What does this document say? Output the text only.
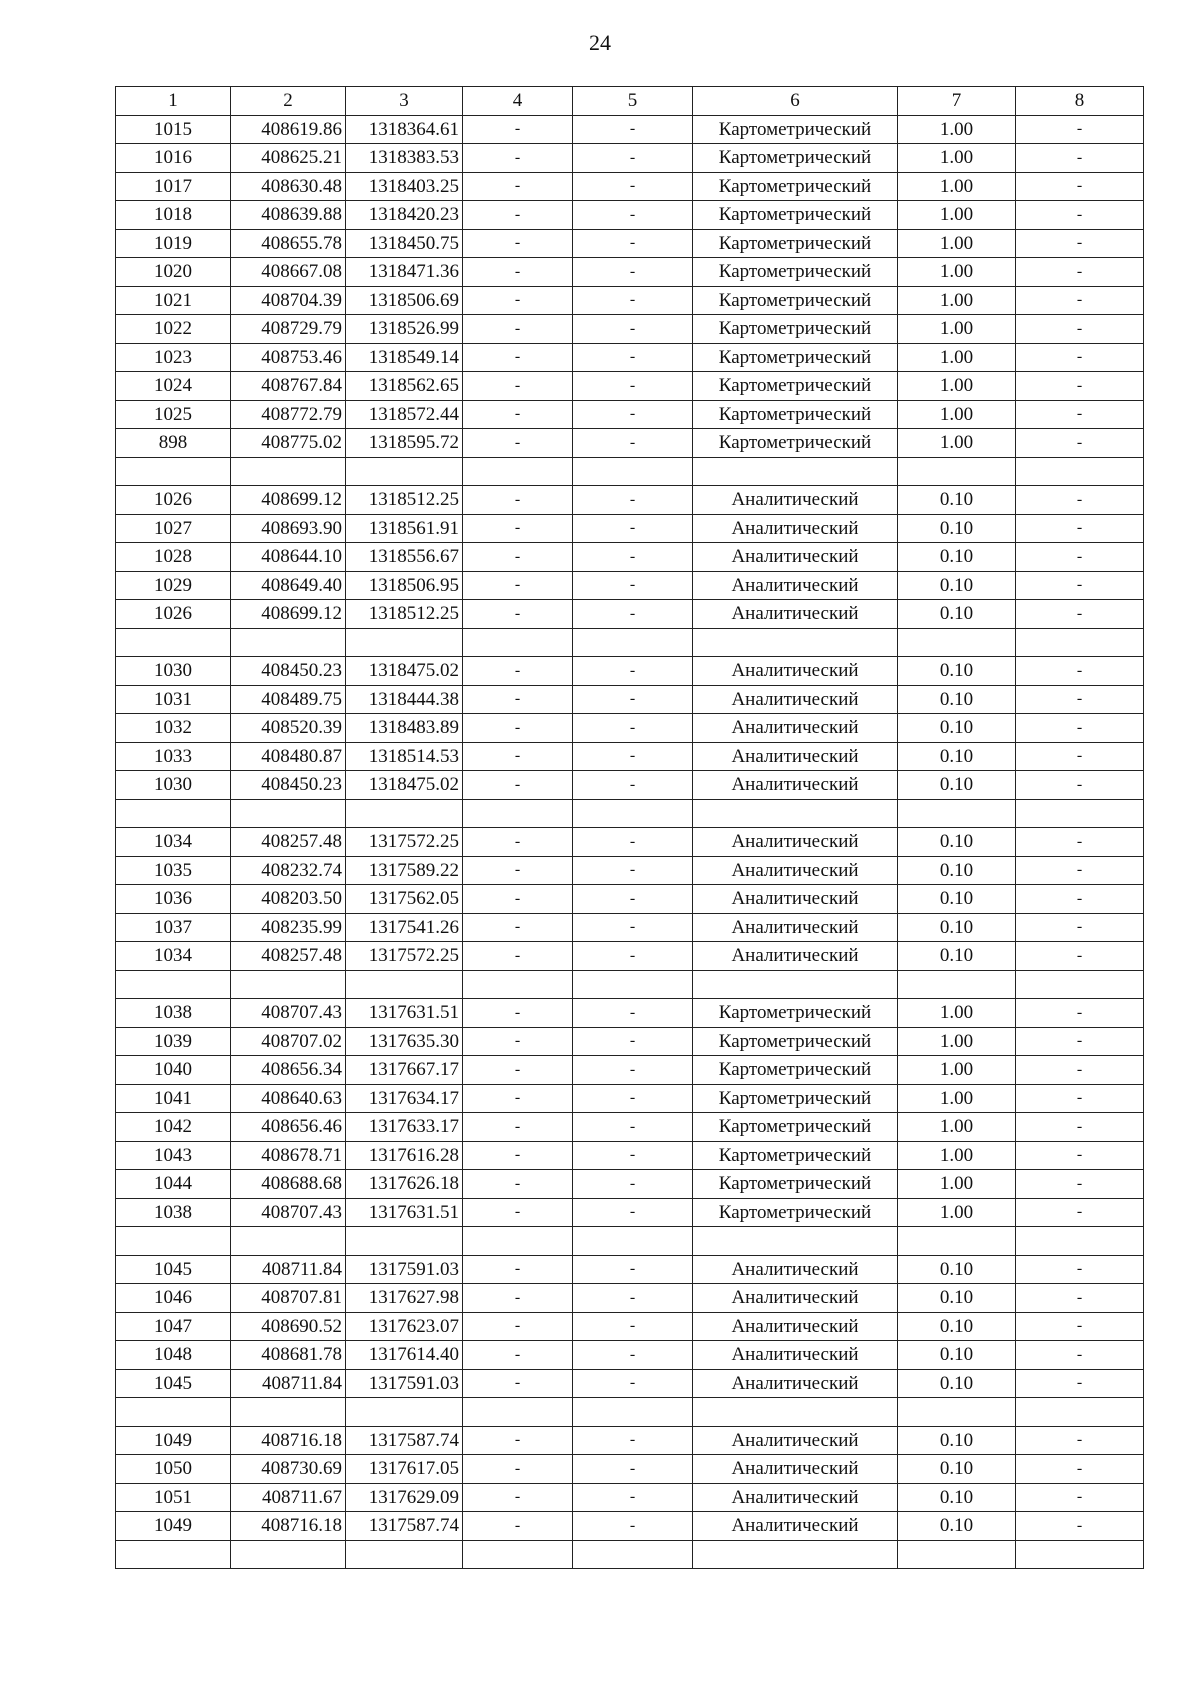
24
1	2	3	4	5	6	7	8
1015	408619.86	1318364.61	-	-	Картометрический	1.00	-
1016	408625.21	1318383.53	-	-	Картометрический	1.00	-
1017	408630.48	1318403.25	-	-	Картометрический	1.00	-
1018	408639.88	1318420.23	-	-	Картометрический	1.00	-
1019	408655.78	1318450.75	-	-	Картометрический	1.00	-
1020	408667.08	1318471.36	-	-	Картометрический	1.00	-
1021	408704.39	1318506.69	-	-	Картометрический	1.00	-
1022	408729.79	1318526.99	-	-	Картометрический	1.00	-
1023	408753.46	1318549.14	-	-	Картометрический	1.00	-
1024	408767.84	1318562.65	-	-	Картометрический	1.00	-
1025	408772.79	1318572.44	-	-	Картометрический	1.00	-
898	408775.02	1318595.72	-	-	Картометрический	1.00	-

1026	408699.12	1318512.25	-	-	Аналитический	0.10	-
1027	408693.90	1318561.91	-	-	Аналитический	0.10	-
1028	408644.10	1318556.67	-	-	Аналитический	0.10	-
1029	408649.40	1318506.95	-	-	Аналитический	0.10	-
1026	408699.12	1318512.25	-	-	Аналитический	0.10	-

1030	408450.23	1318475.02	-	-	Аналитический	0.10	-
1031	408489.75	1318444.38	-	-	Аналитический	0.10	-
1032	408520.39	1318483.89	-	-	Аналитический	0.10	-
1033	408480.87	1318514.53	-	-	Аналитический	0.10	-
1030	408450.23	1318475.02	-	-	Аналитический	0.10	-

1034	408257.48	1317572.25	-	-	Аналитический	0.10	-
1035	408232.74	1317589.22	-	-	Аналитический	0.10	-
1036	408203.50	1317562.05	-	-	Аналитический	0.10	-
1037	408235.99	1317541.26	-	-	Аналитический	0.10	-
1034	408257.48	1317572.25	-	-	Аналитический	0.10	-

1038	408707.43	1317631.51	-	-	Картометрический	1.00	-
1039	408707.02	1317635.30	-	-	Картометрический	1.00	-
1040	408656.34	1317667.17	-	-	Картометрический	1.00	-
1041	408640.63	1317634.17	-	-	Картометрический	1.00	-
1042	408656.46	1317633.17	-	-	Картометрический	1.00	-
1043	408678.71	1317616.28	-	-	Картометрический	1.00	-
1044	408688.68	1317626.18	-	-	Картометрический	1.00	-
1038	408707.43	1317631.51	-	-	Картометрический	1.00	-

1045	408711.84	1317591.03	-	-	Аналитический	0.10	-
1046	408707.81	1317627.98	-	-	Аналитический	0.10	-
1047	408690.52	1317623.07	-	-	Аналитический	0.10	-
1048	408681.78	1317614.40	-	-	Аналитический	0.10	-
1045	408711.84	1317591.03	-	-	Аналитический	0.10	-

1049	408716.18	1317587.74	-	-	Аналитический	0.10	-
1050	408730.69	1317617.05	-	-	Аналитический	0.10	-
1051	408711.67	1317629.09	-	-	Аналитический	0.10	-
1049	408716.18	1317587.74	-	-	Аналитический	0.10	-
